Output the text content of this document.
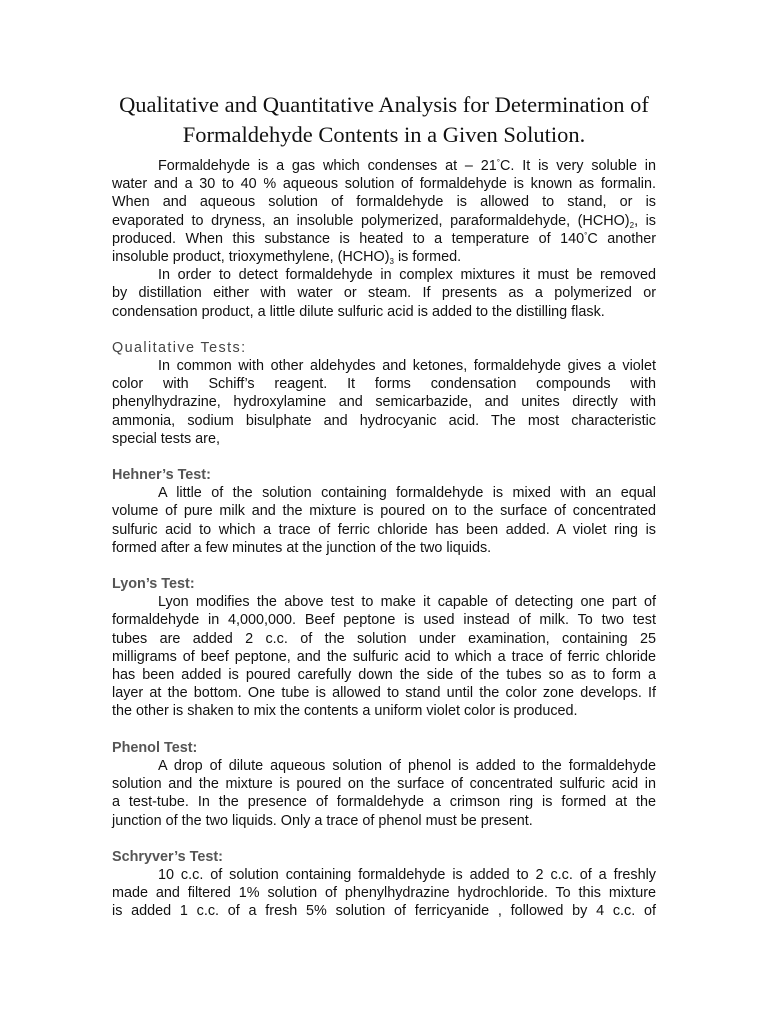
Qualitative and Quantitative Analysis for Determination of
Formaldehyde Contents in a Given Solution.

Formaldehyde is a gas which condenses at – 21°C. It is very soluble in
water and a 30 to 40 % aqueous solution of formaldehyde is known as formalin.
When and aqueous solution of formaldehyde is allowed to stand, or is
evaporated to dryness, an insoluble polymerized, paraformaldehyde, $(HCHO)_2$, is
produced. When this substance is heated to a temperature of 140°C another
insoluble product, trioxymethylene, $(HCHO)_3$ is formed.

In order to detect formaldehyde in complex mixtures it must be removed
by distillation either with water or steam. If presents as a polymerized or
condensation product, a little dilute sulfuric acid is added to the distilling flask.

Qualitative Tests:

In common with other aldehydes and ketones, formaldehyde gives a violet
color with Schiff’s reagent. It forms condensation compounds with
phenylhydrazine, hydroxylamine and semicarbazide, and unites directly with
ammonia, sodium bisulphate and hydrocyanic acid. The most characteristic
special tests are,

Hehner’s Test:

A little of the solution containing formaldehyde is mixed with an equal
volume of pure milk and the mixture is poured on to the surface of concentrated
sulfuric acid to which a trace of ferric chloride has been added. A violet ring is
formed after a few minutes at the junction of the two liquids.

Lyon’s Test:

Lyon modifies the above test to make it capable of detecting one part of
formaldehyde in 4,000,000. Beef peptone is used instead of milk. To two test
tubes are added 2 c.c. of the solution under examination, containing 25
milligrams of beef peptone, and the sulfuric acid to which a trace of ferric chloride
has been added is poured carefully down the side of the tubes so as to form a
layer at the bottom. One tube is allowed to stand until the color zone develops. If
the other is shaken to mix the contents a uniform violet color is produced.

Phenol Test:

A drop of dilute aqueous solution of phenol is added to the formaldehyde
solution and the mixture is poured on the surface of concentrated sulfuric acid in
a test-tube. In the presence of formaldehyde a crimson ring is formed at the
junction of the two liquids. Only a trace of phenol must be present.

Schryver’s Test:

10 c.c. of solution containing formaldehyde is added to 2 c.c. of a freshly
made and filtered 1% solution of phenylhydrazine hydrochloride. To this mixture
is added 1 c.c. of a fresh 5% solution of ferricyanide , followed by 4 c.c. of
